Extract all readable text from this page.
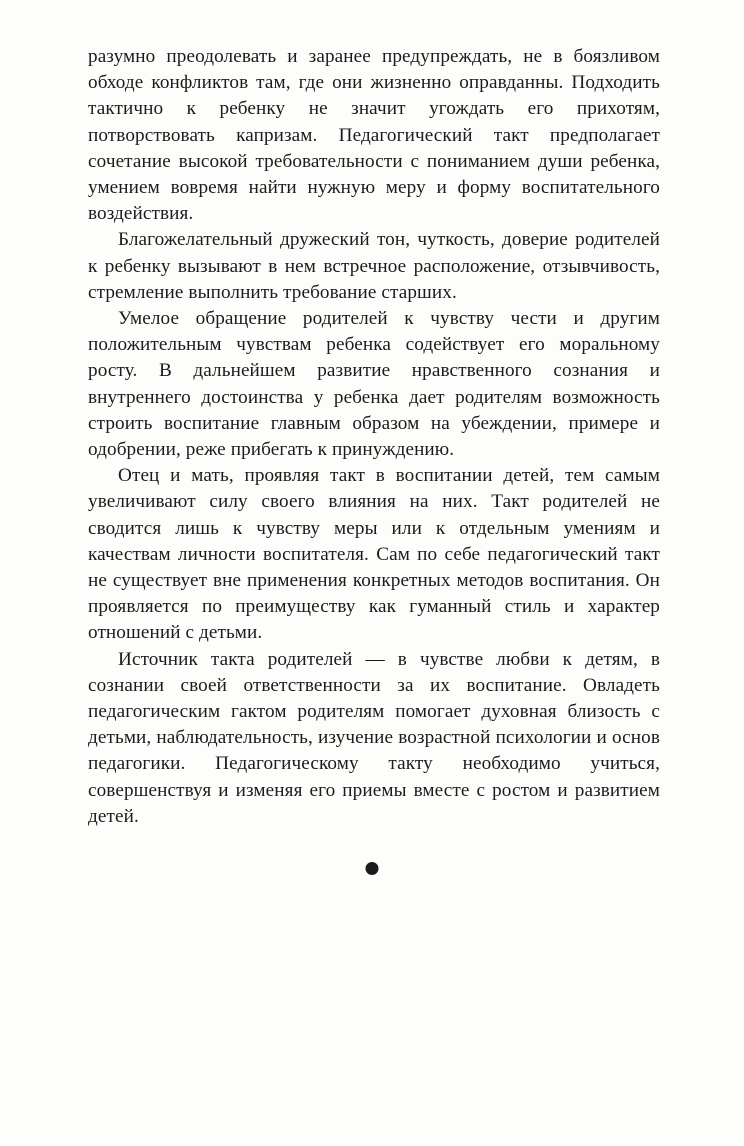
разумно преодолевать и заранее предупреждать, не в боязливом обходе конфликтов там, где они жизненно оправданны. Подходить тактично к ребенку не значит угождать его прихотям, потворствовать капризам. Педагогический такт предполагает сочетание высокой требовательности с пониманием души ребенка, умением вовремя найти нужную меру и форму воспитательного воздействия.

Благожелательный дружеский тон, чуткость, доверие родителей к ребенку вызывают в нем встречное расположение, отзывчивость, стремление выполнить требование старших.

Умелое обращение родителей к чувству чести и другим положительным чувствам ребенка содействует его моральному росту. В дальнейшем развитие нравственного сознания и внутреннего достоинства у ребенка дает родителям возможность строить воспитание главным образом на убеждении, примере и одобрении, реже прибегать к принуждению.

Отец и мать, проявляя такт в воспитании детей, тем самым увеличивают силу своего влияния на них. Такт родителей не сводится лишь к чувству меры или к отдельным умениям и качествам личности воспитателя. Сам по себе педагогический такт не существует вне применения конкретных методов воспитания. Он проявляется по преимуществу как гуманный стиль и характер отношений с детьми.

Источник такта родителей — в чувстве любви к детям, в сознании своей ответственности за их воспитание. Овладеть педагогическим гактом родителям помогает духовная близость с детьми, наблюдательность, изучение возрастной психологии и основ педагогики. Педагогическому такту необходимо учиться, совершенствуя и изменяя его приемы вместе с ростом и развитием детей.
